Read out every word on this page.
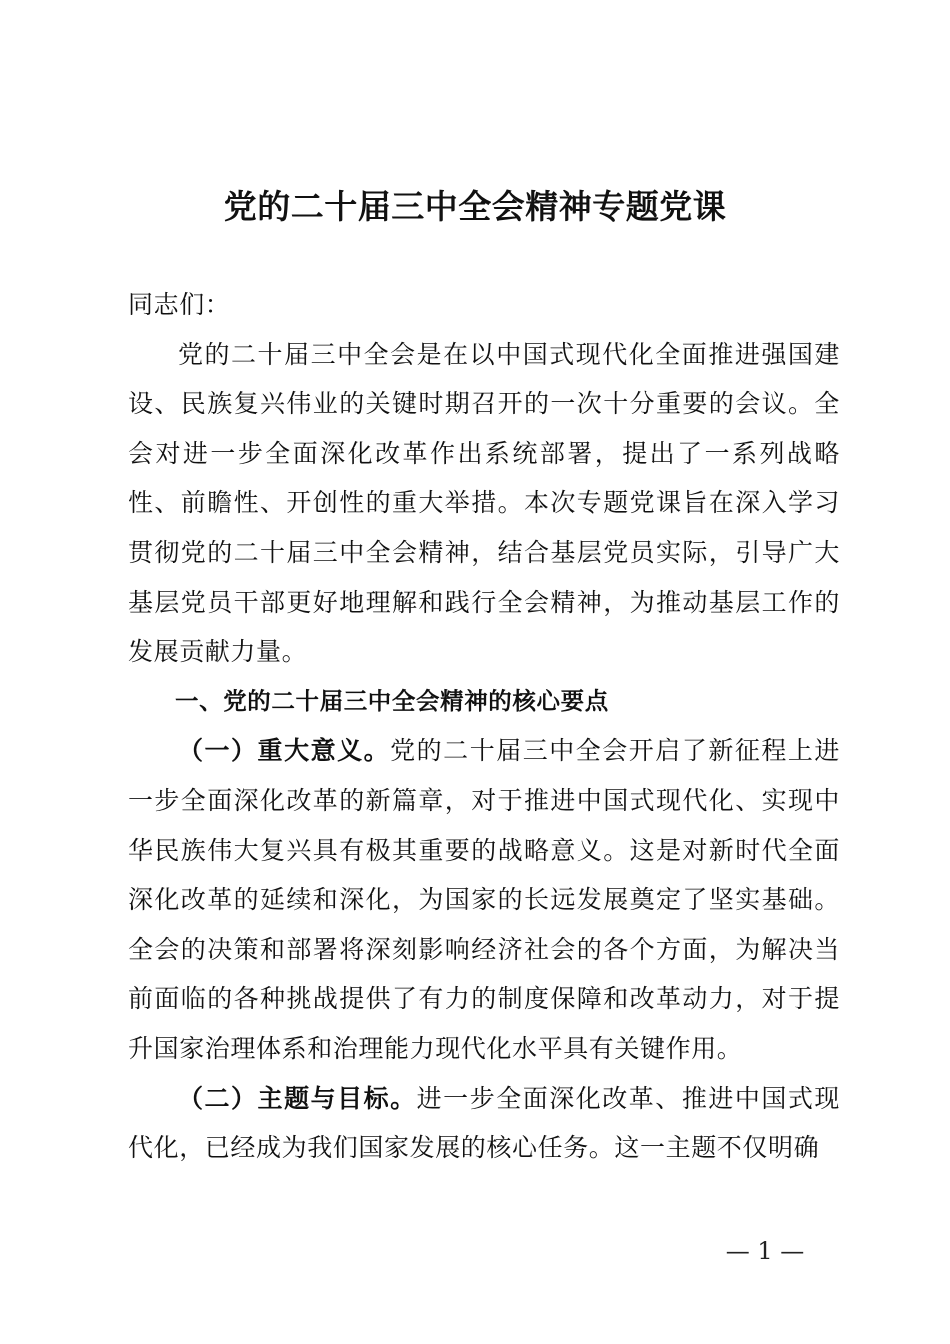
党的二十届三中全会精神专题党课

同志们：

党的二十届三中全会是在以中国式现代化全面推进强国建设、民族复兴伟业的关键时期召开的一次十分重要的会议。全会对进一步全面深化改革作出系统部署，提出了一系列战略性、前瞻性、开创性的重大举措。本次专题党课旨在深入学习贯彻党的二十届三中全会精神，结合基层党员实际，引导广大基层党员干部更好地理解和践行全会精神，为推动基层工作的发展贡献力量。

一、党的二十届三中全会精神的核心要点

（一）重大意义。党的二十届三中全会开启了新征程上进一步全面深化改革的新篇章，对于推进中国式现代化、实现中华民族伟大复兴具有极其重要的战略意义。这是对新时代全面深化改革的延续和深化，为国家的长远发展奠定了坚实基础。全会的决策和部署将深刻影响经济社会的各个方面，为解决当前面临的各种挑战提供了有力的制度保障和改革动力，对于提升国家治理体系和治理能力现代化水平具有关键作用。

（二）主题与目标。进一步全面深化改革、推进中国式现代化，已经成为我们国家发展的核心任务。这一主题不仅明确

— 1 —
